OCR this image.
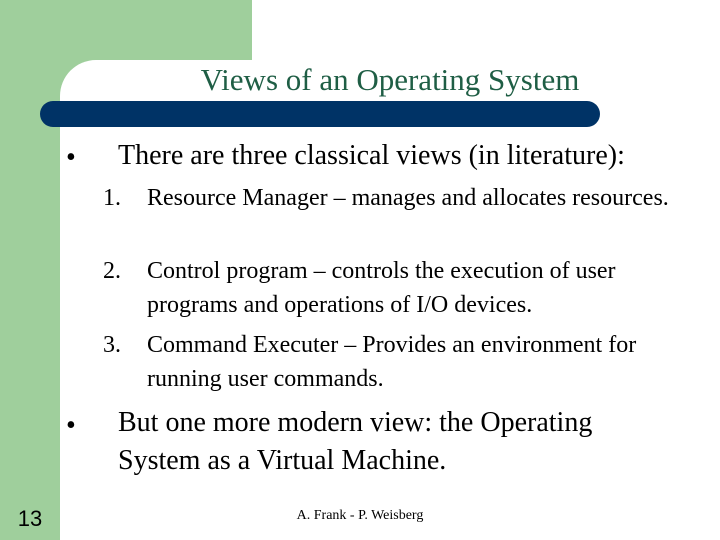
Views of an Operating System
• There are three classical views (in literature):
1. Resource Manager – manages and allocates resources.
2. Control program – controls the execution of user programs and operations of I/O devices.
3. Command Executer – Provides an environment for running user commands.
• But one more modern view: the Operating System as a Virtual Machine.
13	A. Frank - P. Weisberg
